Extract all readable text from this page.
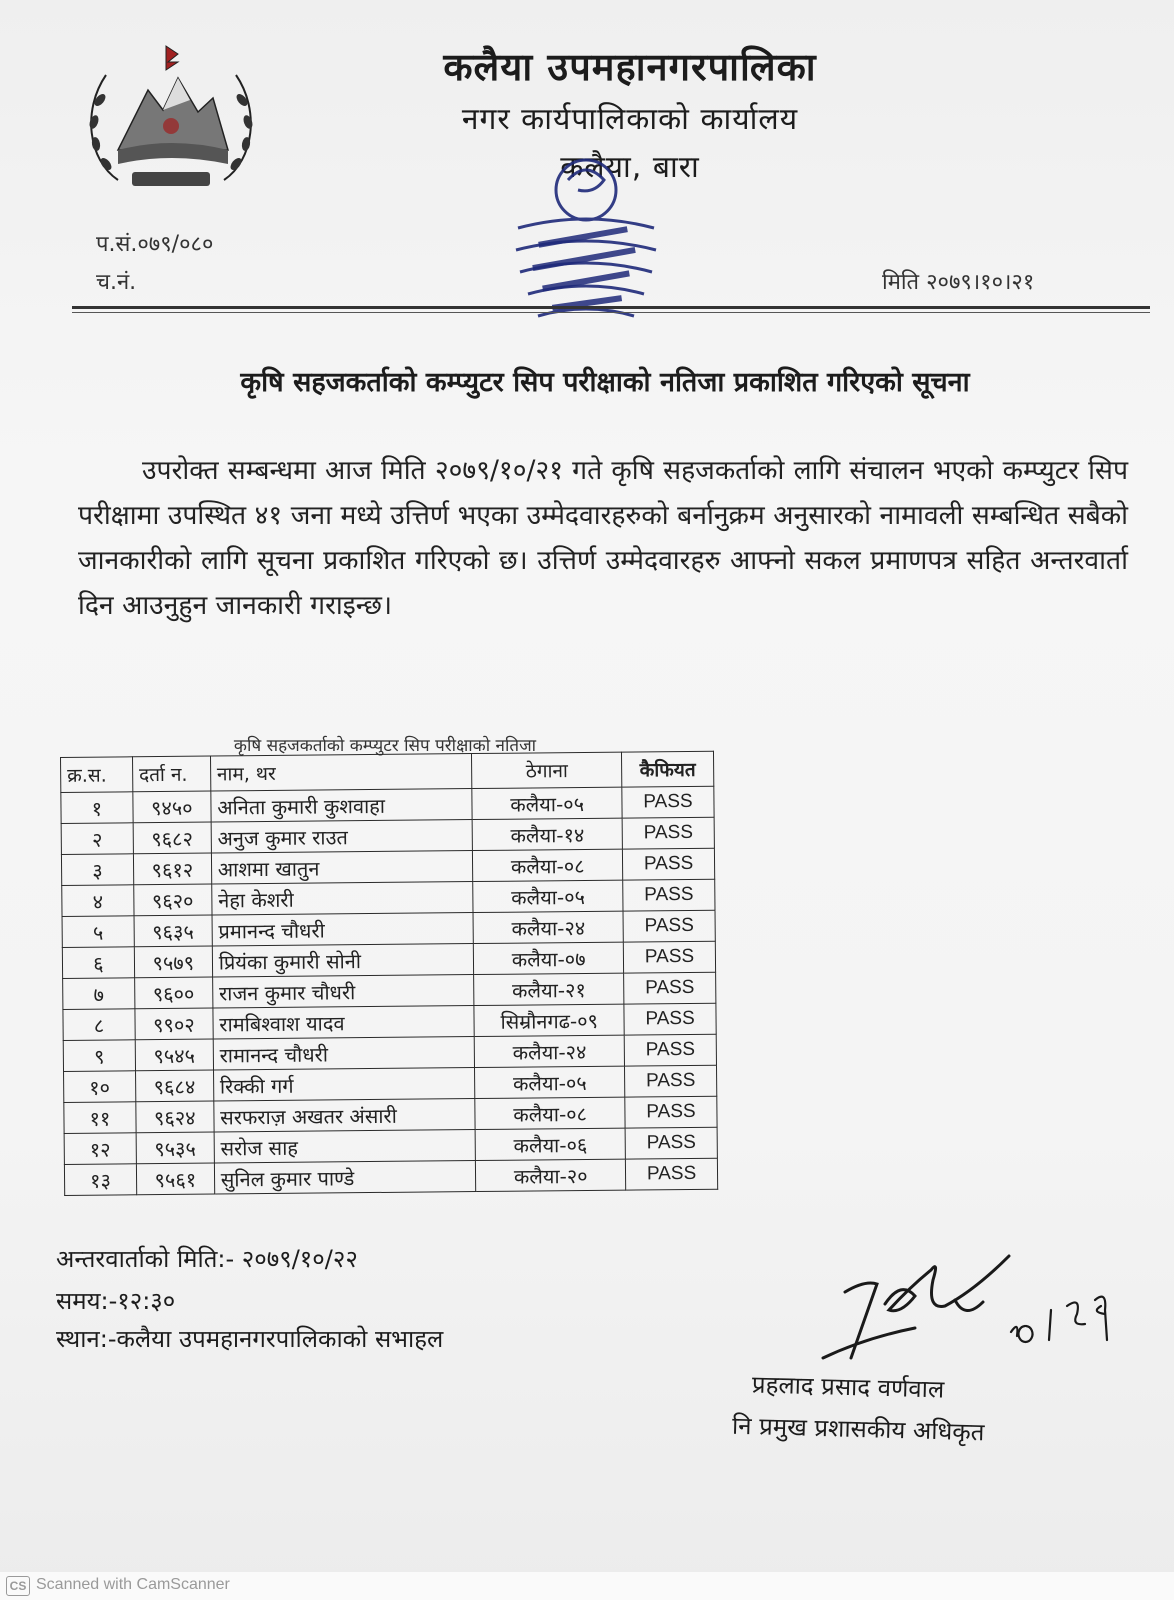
कलैया उपमहानगरपालिका
नगर कार्यपालिकाको कार्यालय
कलैया, बारा
प.सं.०७९/०८०
च.नं.	मिति २०७९।१०।२१
कृषि सहजकर्ताको कम्प्युटर सिप परीक्षाको नतिजा प्रकाशित गरिएको सूचना
उपरोक्त सम्बन्धमा आज मिति २०७९/१०/२१ गते कृषि सहजकर्ताको लागि संचालन भएको कम्प्युटर सिप परीक्षामा उपस्थित ४१ जना मध्ये उत्तिर्ण भएका उम्मेदवारहरुको बर्नानुक्रम अनुसारको नामावली सम्बन्धित सबैको जानकारीको लागि सूचना प्रकाशित गरिएको छ। उत्तिर्ण उम्मेदवारहरु आफ्नो सकल प्रमाणपत्र सहित अन्तरवार्ता दिन आउनुहुन जानकारी गराइन्छ।
कृषि सहजकर्ताको कम्प्युटर सिप परीक्षाको नतिजा
क्र.स.	दर्ता न.	नाम, थर	ठेगाना	कैफियत
१	९४५०	अनिता कुमारी कुशवाहा	कलैया-०५	PASS
२	९६८२	अनुज कुमार राउत	कलैया-१४	PASS
३	९६१२	आशमा खातुन	कलैया-०८	PASS
४	९६२०	नेहा केशरी	कलैया-०५	PASS
५	९६३५	प्रमानन्द चौधरी	कलैया-२४	PASS
६	९५७९	प्रियंका कुमारी सोनी	कलैया-०७	PASS
७	९६००	राजन कुमार चौधरी	कलैया-२१	PASS
८	९९०२	रामबिश्वाश यादव	सिम्रौनगढ-०९	PASS
९	९५४५	रामानन्द चौधरी	कलैया-२४	PASS
१०	९६८४	रिक्की गर्ग	कलैया-०५	PASS
११	९६२४	सरफराज़ अखतर अंसारी	कलैया-०८	PASS
१२	९५३५	सरोज साह	कलैया-०६	PASS
१३	९५६१	सुनिल कुमार पाण्डे	कलैया-२०	PASS
अन्तरवार्ताको मिति:- २०७९/१०/२२
समय:-१२:३०
स्थान:-कलैया उपमहानगरपालिकाको सभाहल
प्रहलाद प्रसाद वर्णवाल
नि प्रमुख प्रशासकीय अधिकृत
CS Scanned with CamScanner
